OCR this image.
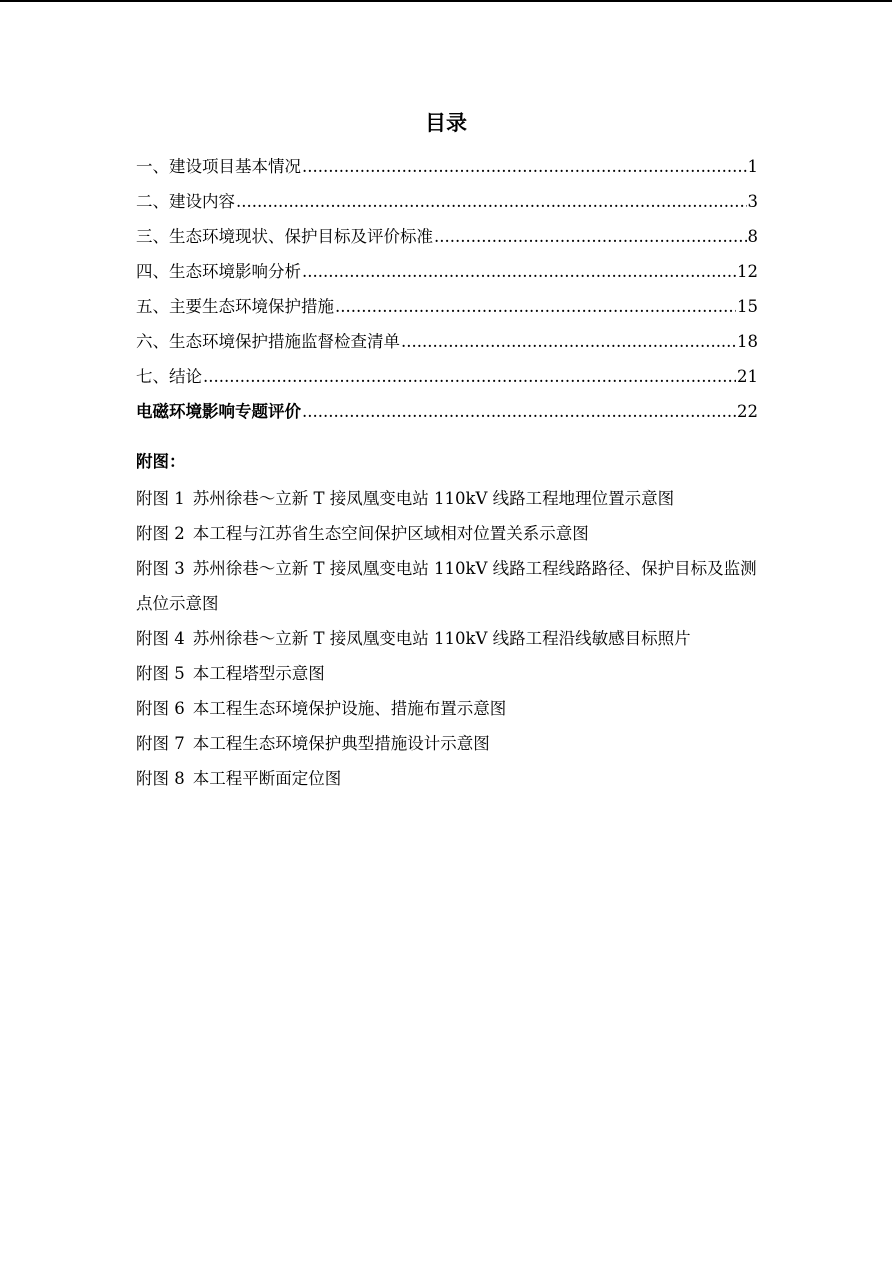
目录
一、建设项目基本情况 .....	1
二、建设内容 .....	3
三、生态环境现状、保护目标及评价标准 .....	8
四、生态环境影响分析 .....	12
五、主要生态环境保护措施 .....	15
六、生态环境保护措施监督检查清单 .....	18
七、结论 .....	21
电磁环境影响专题评价 .....	22
附图：
附图 1 苏州徐巷～立新 T 接凤凰变电站 110kV 线路工程地理位置示意图
附图 2 本工程与江苏省生态空间保护区域相对位置关系示意图
附图 3 苏州徐巷～立新 T 接凤凰变电站 110kV 线路工程线路路径、保护目标及监测点位示意图
附图 4 苏州徐巷～立新 T 接凤凰变电站 110kV 线路工程沿线敏感目标照片
附图 5 本工程塔型示意图
附图 6 本工程生态环境保护设施、措施布置示意图
附图 7 本工程生态环境保护典型措施设计示意图
附图 8 本工程平断面定位图
